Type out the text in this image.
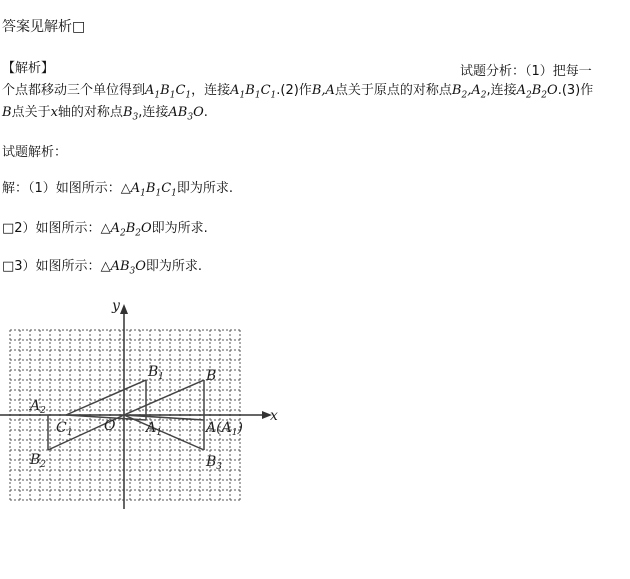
答案见解析□
【解析】	试题分析：（1）把每一
个点都移动三个单位得到$A_1B_1C_1$，连接$A_1B_1C_1.(2)$作B,A点关于原点的对称点$B_2,A_2$,连接$A_2B_2O.(3)$作
B点关于x轴的对称点$B_3$,连接$AB_3O$.
试题解析：
解：（1）如图所示：$\triangle A_1B_1C_1$即为所求.
□2）如图所示：$\triangle A_2B_2O$即为所求.
□3）如图所示：$\triangle AB_3O$即为所求.
x
y
O
B
$A(A_1)$
$B_3$
$B_1$
$A_1$
$A_2$
$C_1$
$B_2$
